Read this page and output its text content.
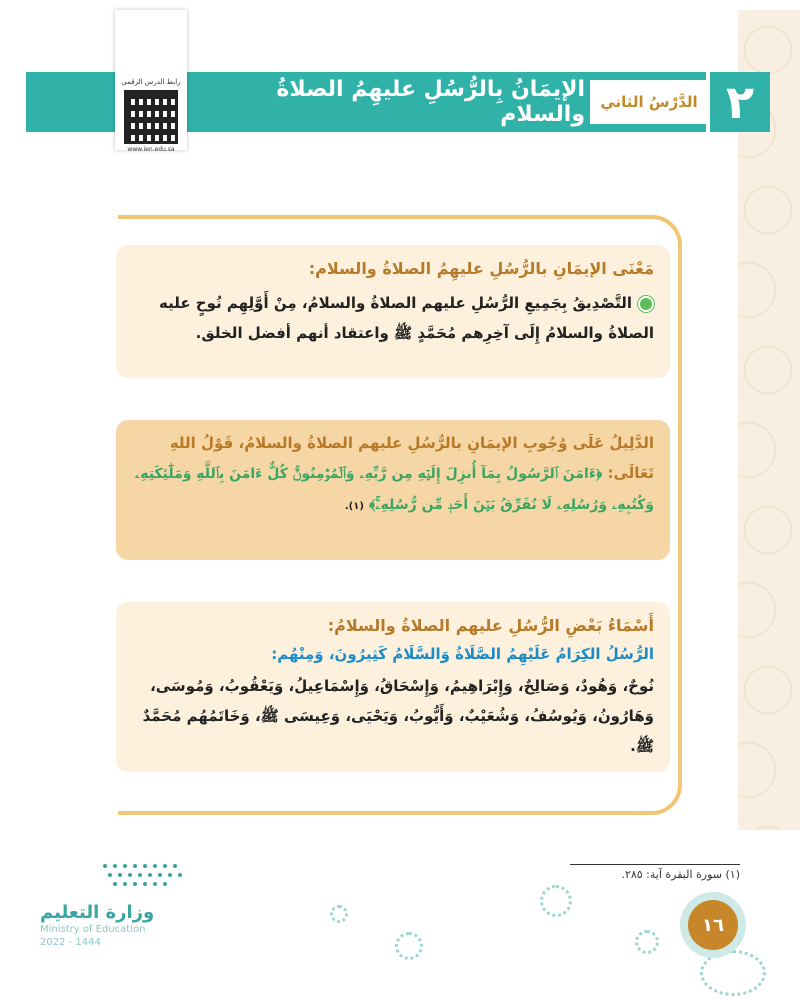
٢
الدَّرْسُ الثاني
الإيمَانُ بِالرُّسُلِ عليهِمُ الصلاةُ والسلام
رابط الدرس الرقمي
www.ien.edu.sa
مَعْنَى الإيمَانِ بالرُّسُلِ عليهِمُ الصلاةُ والسلام:

التَّصْدِيقُ بِجَمِيعِ الرُّسُلِ عليهم الصلاةُ والسلامُ، مِنْ أَوَّلِهِم نُوحٍ عليه الصلاةُ والسلامُ إِلَى آخِرِهم مُحَمَّدٍ ﷺ واعتقاد أنهم أفضل الخلق.

الدَّلِيلُ عَلَى وُجُوبِ الإيمَانِ بالرُّسُلِ عليهم الصلاةُ والسلامُ، قَوْلُ اللهِ

تَعَالَى: ﴿ءَامَنَ ٱلرَّسُولُ بِمَآ أُنزِلَ إِلَيۡهِ مِن رَّبِّهِۦ وَٱلۡمُؤۡمِنُونَۚ كُلٌّ ءَامَنَ بِٱللَّهِ وَمَلَٰٓئِكَتِهِۦ وَكُتُبِهِۦ وَرُسُلِهِۦ لَا نُفَرِّقُ بَيۡنَ أَحَدٖ مِّن رُّسُلِهِۦۚ﴾ (١).

أَسْمَاءُ بَعْضِ الرُّسُلِ عليهم الصلاةُ والسلامُ:
الرُّسُلُ الكِرَامُ عَلَيْهِمُ الصَّلَاةُ وَالسَّلَامُ كَثِيرُونَ، وَمِنْهُم:

نُوحٌ، وَهُودٌ، وَصَالِحٌ، وَإِبْرَاهِيمُ، وَإِسْحَاقُ، وَإِسْمَاعِيلُ، وَيَعْقُوبُ، وَمُوسَى،

وَهَارُونُ، وَيُوسُفُ، وَشُعَيْبٌ، وَأَيُّوبُ، وَيَحْيَى، وَعِيسَى ﷺ، وَخَاتَمُهُم مُحَمَّدٌ ﷺ.

(١) سورة البقرة آية: ٢٨٥.
١٦
وزارة التعليم
Ministry of Education
2022 - 1444
